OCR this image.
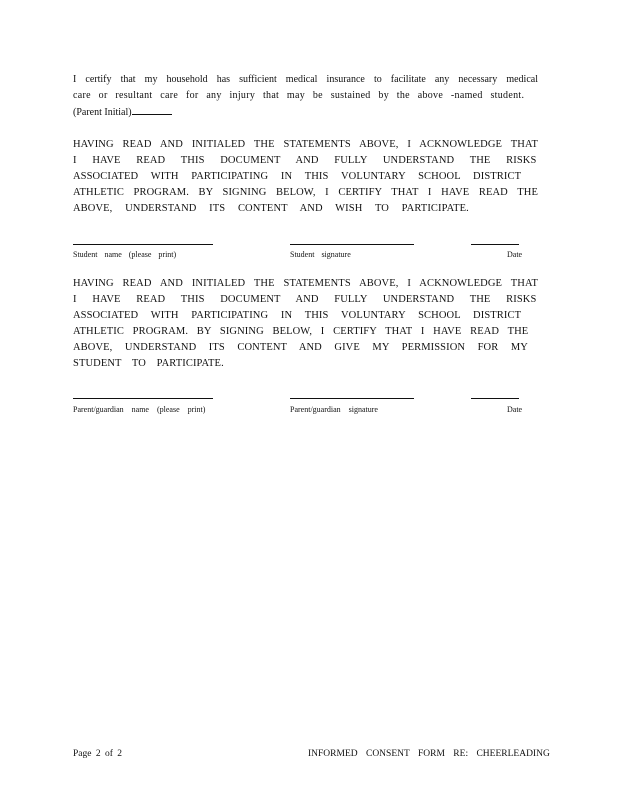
I certify that my household has sufficient medical insurance to facilitate any necessary medical
care or resultant care for any injury that may be sustained by the above -named student.
(Parent Initial)
HAVING READ AND INITIALED THE STATEMENTS ABOVE, I ACKNOWLEDGE THAT
I HAVE READ THIS DOCUMENT AND FULLY UNDERSTAND THE RISKS
ASSOCIATED WITH PARTICIPATING IN THIS VOLUNTARY SCHOOL DISTRICT
ATHLETIC PROGRAM. BY SIGNING BELOW, I CERTIFY THAT I HAVE READ THE
ABOVE, UNDERSTAND ITS CONTENT AND WISH TO PARTICIPATE.
Student name (please print)	Student signature	Date
HAVING READ AND INITIALED THE STATEMENTS ABOVE, I ACKNOWLEDGE THAT
I HAVE READ THIS DOCUMENT AND FULLY UNDERSTAND THE RISKS
ASSOCIATED WITH PARTICIPATING IN THIS VOLUNTARY SCHOOL DISTRICT
ATHLETIC PROGRAM. BY SIGNING BELOW, I CERTIFY THAT I HAVE READ THE
ABOVE, UNDERSTAND ITS CONTENT AND GIVE MY PERMISSION FOR MY
STUDENT TO PARTICIPATE.
Parent/guardian name (please print)	Parent/guardian signature	Date
Page 2 of 2	INFORMED CONSENT FORM RE: CHEERLEADING
